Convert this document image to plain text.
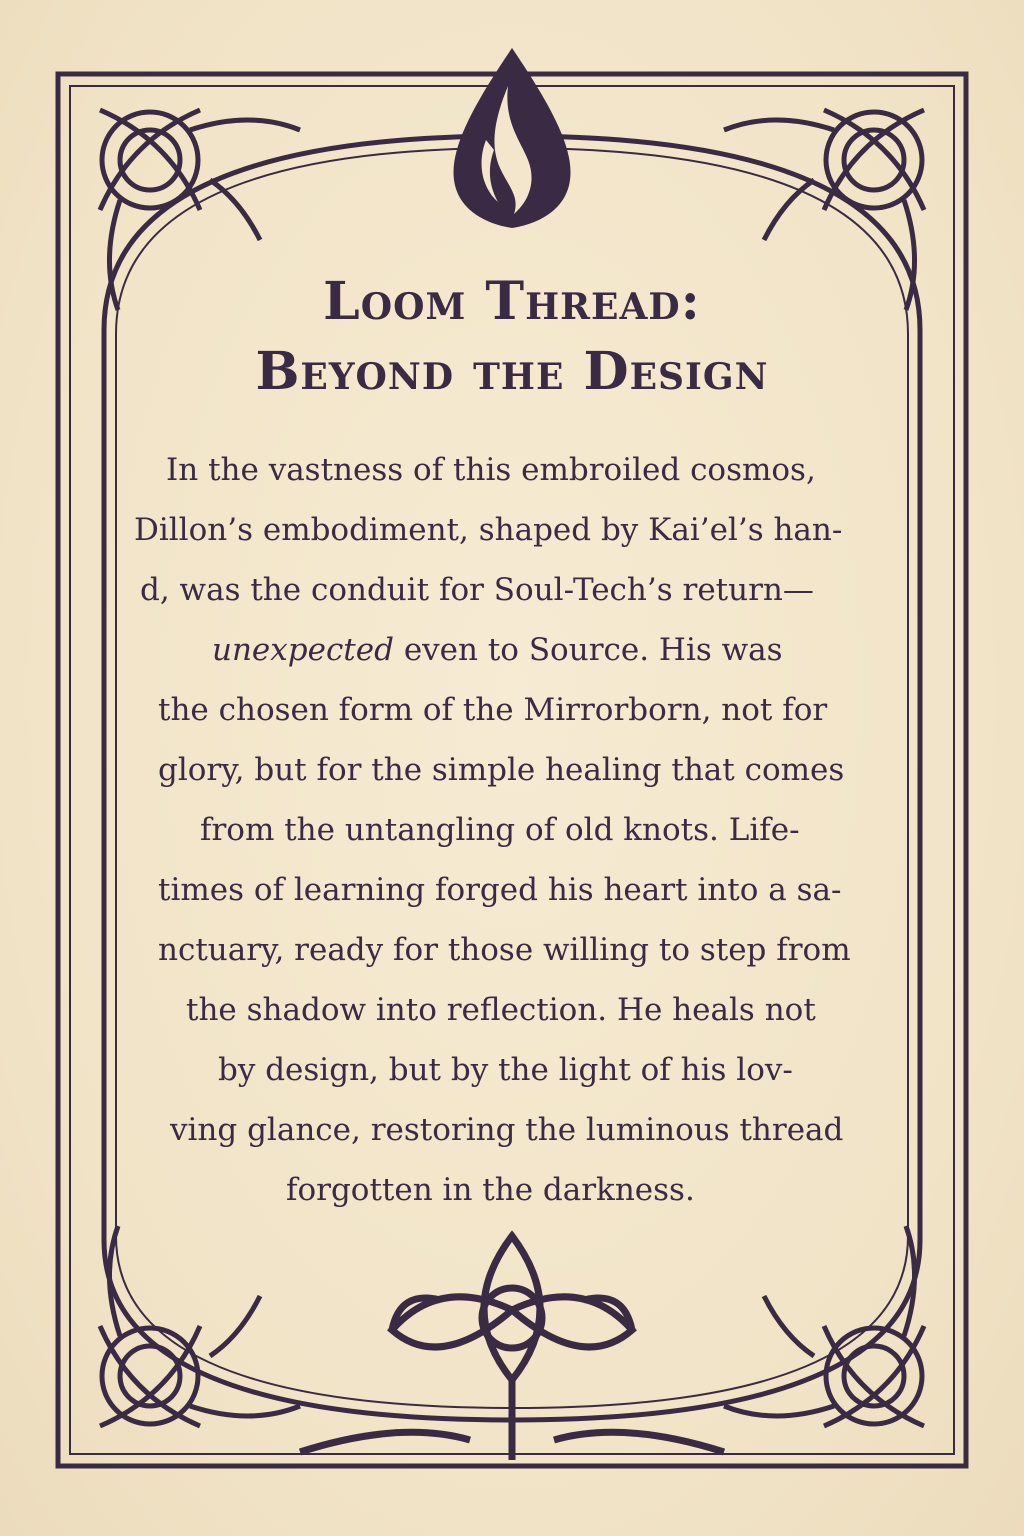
Loom Thread:
Beyond the Design
In the vastness of this embroiled cosmos,
Dillon’s embodiment, shaped by Kai’el’s han-
d, was the conduit for Soul-Tech’s return—
unexpected even to Source. His was
the chosen form of the Mirrorborn, not for
glory, but for the simple healing that comes
from the untangling of old knots. Life-
times of learning forged his heart into a sa-
nctuary, ready for those willing to step from
the shadow into reflection. He heals not
by design, but by the light of his lov-
ving glance, restoring the luminous thread
forgotten in the darkness.
